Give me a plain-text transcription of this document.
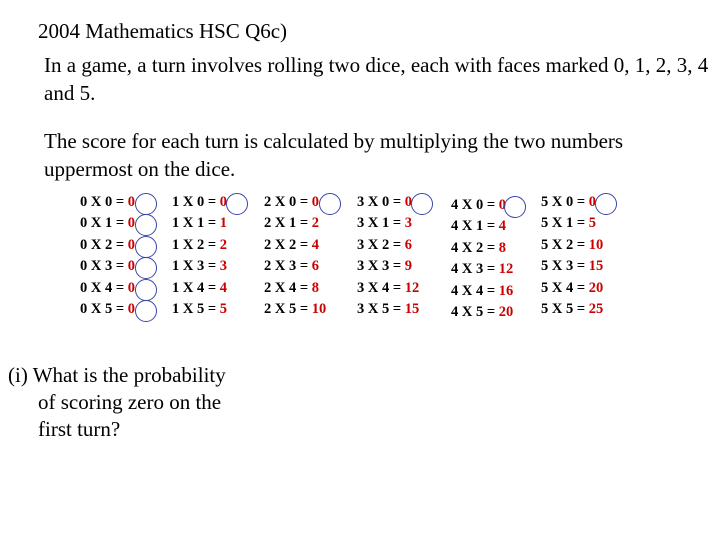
2004 Mathematics HSC Q6c)
In a game, a turn involves rolling two dice, each with faces marked 0, 1, 2, 3, 4 and 5.
The score for each turn is calculated by multiplying the two numbers uppermost on the dice.
0 X 0 = 0
0 X 1 = 0
0 X 2 = 0
0 X 3 = 0
0 X 4 = 0
0 X 5 = 0
1 X 0 = 0
1 X 1 = 1
1 X 2 = 2
1 X 3 = 3
1 X 4 = 4
1 X 5 = 5
2 X 0 = 0
2 X 1 = 2
2 X 2 = 4
2 X 3 = 6
2 X 4 = 8
2 X 5 = 10
3 X 0 = 0
3 X 1 = 3
3 X 2 = 6
3 X 3 = 9
3 X 4 = 12
3 X 5 = 15
4 X 0 = 0
4 X 1 = 4
4 X 2 = 8
4 X 3 = 12
4 X 4 = 16
4 X 5 = 20
5 X 0 = 0
5 X 1 = 5
5 X 2 = 10
5 X 3 = 15
5 X 4 = 20
5 X 5 = 25
(i) What is the probability
of scoring zero on the
first turn?
